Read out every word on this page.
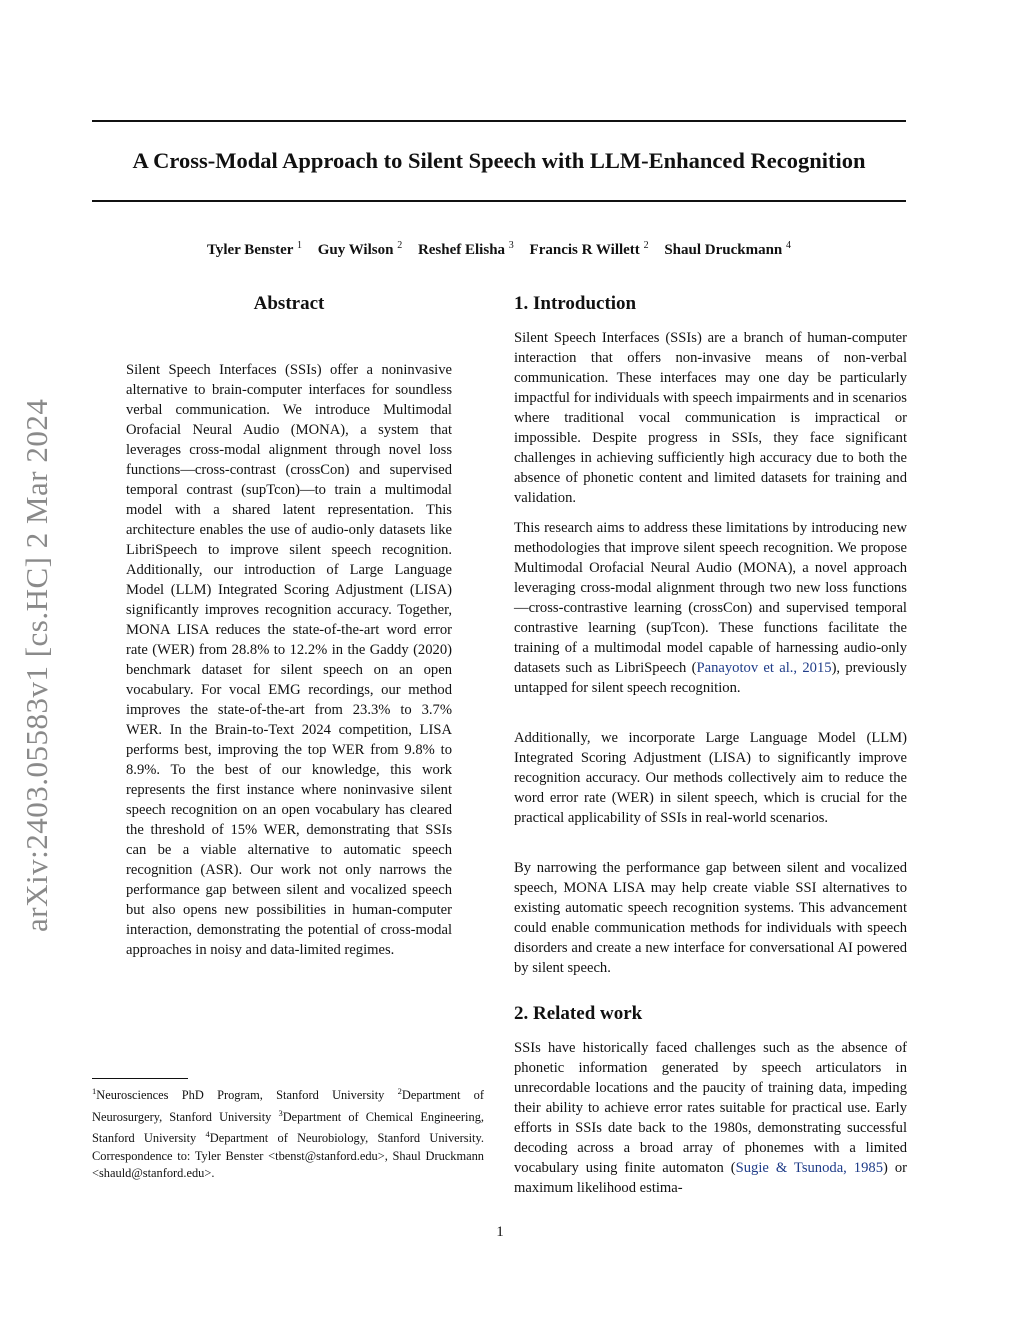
A Cross-Modal Approach to Silent Speech with LLM-Enhanced Recognition
Tyler Benster $^1$ Guy Wilson $^2$ Reshef Elisha $^3$ Francis R Willett $^2$ Shaul Druckmann $^4$
arXiv:2403.05583v1 [cs.HC] 2 Mar 2024
Abstract
Silent Speech Interfaces (SSIs) offer a noninvasive alternative to brain-computer interfaces for soundless verbal communication. We introduce Multimodal Orofacial Neural Audio (MONA), a system that leverages cross-modal alignment through novel loss functions—cross-contrast (crossCon) and supervised temporal contrast (supTcon)—to train a multimodal model with a shared latent representation. This architecture enables the use of audio-only datasets like LibriSpeech to improve silent speech recognition. Additionally, our introduction of Large Language Model (LLM) Integrated Scoring Adjustment (LISA) significantly improves recognition accuracy. Together, MONA LISA reduces the state-of-the-art word error rate (WER) from 28.8% to 12.2% in the Gaddy (2020) benchmark dataset for silent speech on an open vocabulary. For vocal EMG recordings, our method improves the state-of-the-art from 23.3% to 3.7% WER. In the Brain-to-Text 2024 competition, LISA performs best, improving the top WER from 9.8% to 8.9%. To the best of our knowledge, this work represents the first instance where noninvasive silent speech recognition on an open vocabulary has cleared the threshold of 15% WER, demonstrating that SSIs can be a viable alternative to automatic speech recognition (ASR). Our work not only narrows the performance gap between silent and vocalized speech but also opens new possibilities in human-computer interaction, demonstrating the potential of cross-modal approaches in noisy and data-limited regimes.
$^1$Neurosciences PhD Program, Stanford University $^2$Department of Neurosurgery, Stanford University $^3$Department of Chemical Engineering, Stanford University $^4$Department of Neurobiology, Stanford University. Correspondence to: Tyler Benster <tbenst@stanford.edu>, Shaul Druckmann <shauld@stanford.edu>.
1. Introduction

Silent Speech Interfaces (SSIs) are a branch of human-computer interaction that offers non-invasive means of non-verbal communication. These interfaces may one day be particularly impactful for individuals with speech impairments and in scenarios where traditional vocal communication is impractical or impossible. Despite progress in SSIs, they face significant challenges in achieving sufficiently high accuracy due to both the absence of phonetic content and limited datasets for training and validation.

This research aims to address these limitations by introducing new methodologies that improve silent speech recognition. We propose Multimodal Orofacial Neural Audio (MONA), a novel approach leveraging cross-modal alignment through two new loss functions—cross-contrastive learning (crossCon) and supervised temporal contrastive learning (supTcon). These functions facilitate the training of a multimodal model capable of harnessing audio-only datasets such as LibriSpeech (Panayotov et al., 2015), previously untapped for silent speech recognition.

Additionally, we incorporate Large Language Model (LLM) Integrated Scoring Adjustment (LISA) to significantly improve recognition accuracy. Our methods collectively aim to reduce the word error rate (WER) in silent speech, which is crucial for the practical applicability of SSIs in real-world scenarios.

By narrowing the performance gap between silent and vocalized speech, MONA LISA may help create viable SSI alternatives to existing automatic speech recognition systems. This advancement could enable communication methods for individuals with speech disorders and create a new interface for conversational AI powered by silent speech.

2. Related work

SSIs have historically faced challenges such as the absence of phonetic information generated by speech articulators in unrecordable locations and the paucity of training data, impeding their ability to achieve error rates suitable for practical use. Early efforts in SSIs date back to the 1980s, demonstrating successful decoding across a broad array of phonemes with a limited vocabulary using finite automaton (Sugie & Tsunoda, 1985) or maximum likelihood estima-

1
